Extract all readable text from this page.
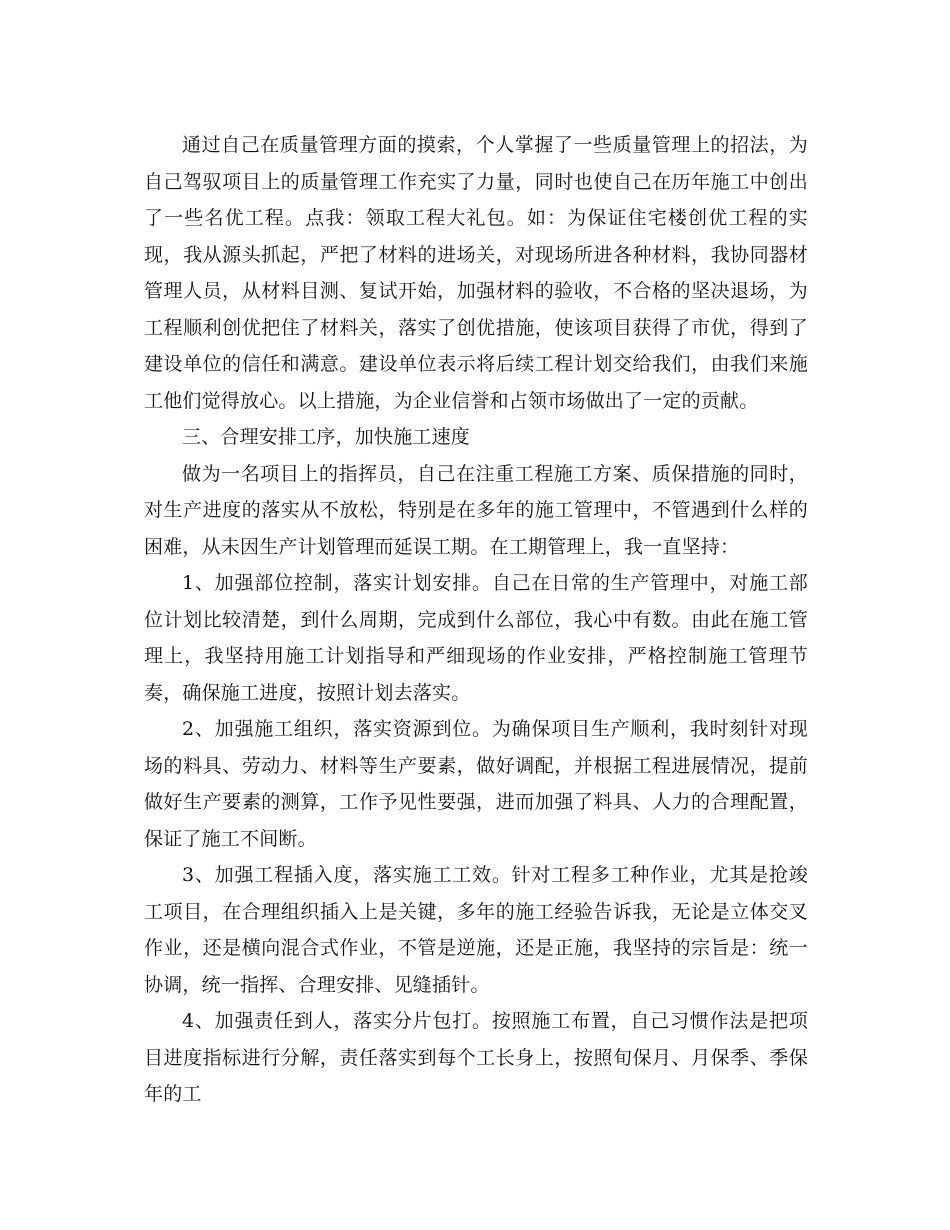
通过自己在质量管理方面的摸索，个人掌握了一些质量管理上的招法，为自己驾驭项目上的质量管理工作充实了力量，同时也使自己在历年施工中创出了一些名优工程。点我：领取工程大礼包。如：为保证住宅楼创优工程的实现，我从源头抓起，严把了材料的进场关，对现场所进各种材料，我协同器材管理人员，从材料目测、复试开始，加强材料的验收，不合格的坚决退场，为工程顺利创优把住了材料关，落实了创优措施，使该项目获得了市优，得到了建设单位的信任和满意。建设单位表示将后续工程计划交给我们，由我们来施工他们觉得放心。以上措施，为企业信誉和占领市场做出了一定的贡献。

三、合理安排工序，加快施工速度

做为一名项目上的指挥员，自己在注重工程施工方案、质保措施的同时，对生产进度的落实从不放松，特别是在多年的施工管理中，不管遇到什么样的困难，从未因生产计划管理而延误工期。在工期管理上，我一直坚持：

1、加强部位控制，落实计划安排。自己在日常的生产管理中，对施工部位计划比较清楚，到什么周期，完成到什么部位，我心中有数。由此在施工管理上，我坚持用施工计划指导和严细现场的作业安排，严格控制施工管理节奏，确保施工进度，按照计划去落实。

2、加强施工组织，落实资源到位。为确保项目生产顺利，我时刻针对现场的料具、劳动力、材料等生产要素，做好调配，并根据工程进展情况，提前做好生产要素的测算，工作予见性要强，进而加强了料具、人力的合理配置，保证了施工不间断。

3、加强工程插入度，落实施工工效。针对工程多工种作业，尤其是抢竣工项目，在合理组织插入上是关键，多年的施工经验告诉我，无论是立体交叉作业，还是横向混合式作业，不管是逆施，还是正施，我坚持的宗旨是：统一协调，统一指挥、合理安排、见缝插针。

4、加强责任到人，落实分片包打。按照施工布置，自己习惯作法是把项目进度指标进行分解，责任落实到每个工长身上，按照旬保月、月保季、季保年的工
